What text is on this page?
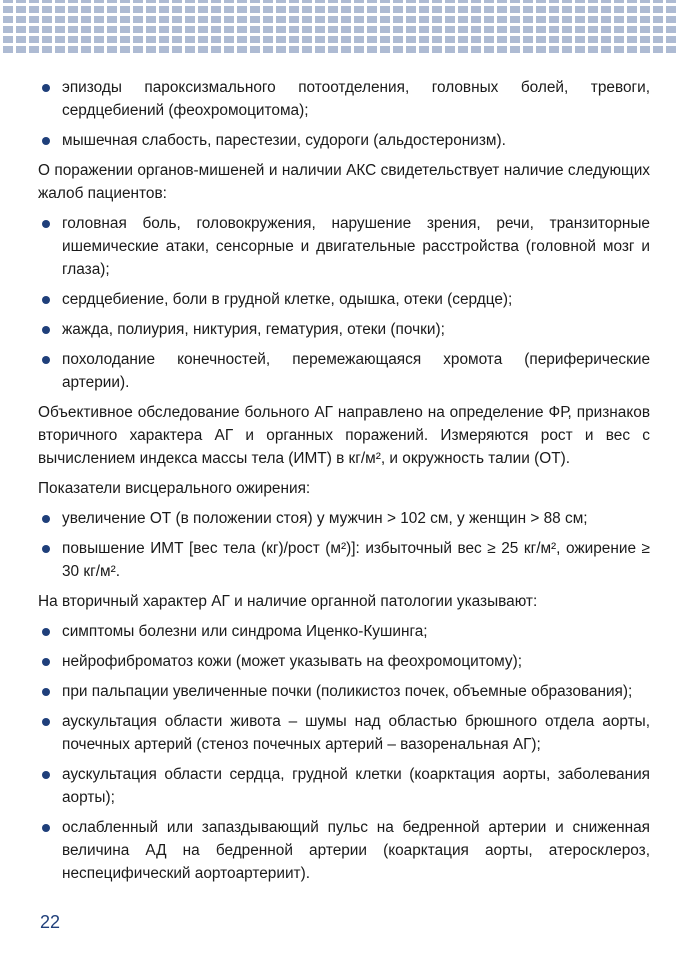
эпизоды пароксизмального потоотделения, головных болей, тревоги, сердцебиений (феохромоцитома);
мышечная слабость, парестезии, судороги (альдостеронизм).

О поражении органов-мишеней и наличии АКС свидетельствует наличие следующих жалоб пациентов:

головная боль, головокружения, нарушение зрения, речи, транзиторные ишемические атаки, сенсорные и двигательные расстройства (головной мозг и глаза);
сердцебиение, боли в грудной клетке, одышка, отеки (сердце);
жажда, полиурия, никтурия, гематурия, отеки (почки);
похолодание конечностей, перемежающаяся хромота (периферические артерии).

Объективное обследование больного АГ направлено на определение ФР, признаков вторичного характера АГ и органных поражений. Измеряются рост и вес с вычислением индекса массы тела (ИМТ) в кг/м², и окружность талии (ОТ).

Показатели висцерального ожирения:

увеличение ОТ (в положении стоя) у мужчин > 102 см, у женщин > 88 см;
повышение ИМТ [вес тела (кг)/рост (м²)]: избыточный вес ≥ 25 кг/м², ожирение ≥ 30 кг/м².

На вторичный характер АГ и наличие органной патологии указывают:

симптомы болезни или синдрома Иценко-Кушинга;
нейрофиброматоз кожи (может указывать на феохромоцитому);
при пальпации увеличенные почки (поликистоз почек, объемные образования);
аускультация области живота – шумы над областью брюшного отдела аорты, почечных артерий (стеноз почечных артерий – вазоренальная АГ);
аускультация области сердца, грудной клетки (коарктация аорты, заболевания аорты);
ослабленный или запаздывающий пульс на бедренной артерии и сниженная величина АД на бедренной артерии (коарктация аорты, атеросклероз, неспецифический аортоартериит).
22
